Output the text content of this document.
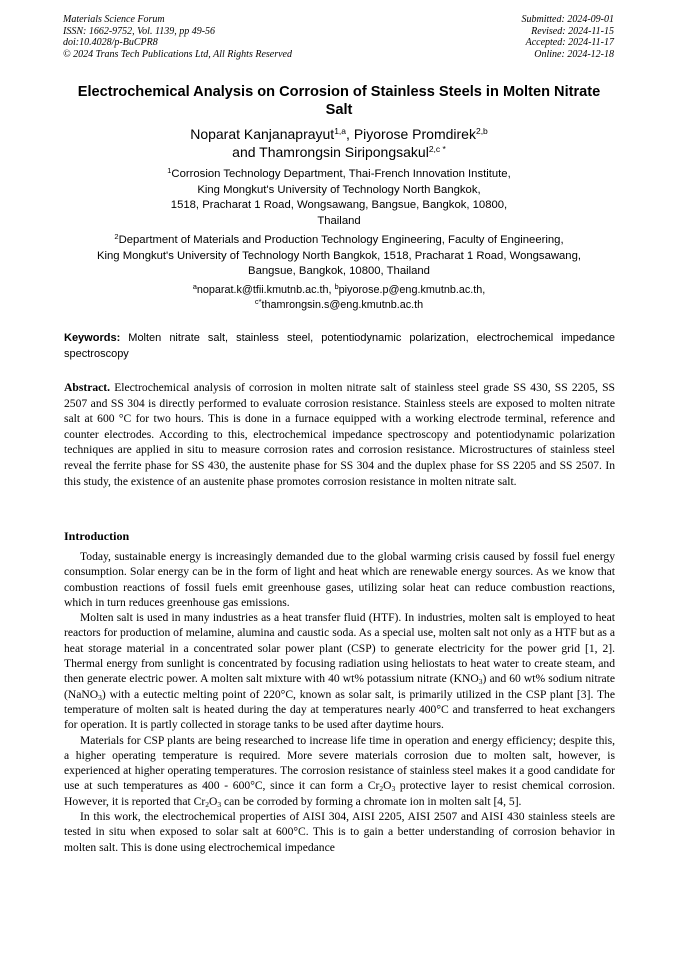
Materials Science Forum
ISSN: 1662-9752, Vol. 1139, pp 49-56
doi:10.4028/p-BuCPR8
© 2024 Trans Tech Publications Ltd, All Rights Reserved
Submitted: 2024-09-01
Revised: 2024-11-15
Accepted: 2024-11-17
Online: 2024-12-18
Electrochemical Analysis on Corrosion of Stainless Steels in Molten Nitrate Salt
Noparat Kanjanaprayut$^{1,a}$, Piyorose Promdirek$^{2,b}$
and Thamrongsin Siripongsakul$^{2,c *}$
$^1$Corrosion Technology Department, Thai-French Innovation Institute,
King Mongkut's University of Technology North Bangkok,
1518, Pracharat 1 Road, Wongsawang, Bangsue, Bangkok, 10800,
Thailand
$^2$Department of Materials and Production Technology Engineering, Faculty of Engineering,
King Mongkut's University of Technology North Bangkok, 1518, Pracharat 1 Road, Wongsawang,
Bangsue, Bangkok, 10800, Thailand
$^a$noparat.k@tfii.kmutnb.ac.th, $^b$piyorose.p@eng.kmutnb.ac.th,
$^{c*}$thamrongsin.s@eng.kmutnb.ac.th
Keywords: Molten nitrate salt, stainless steel, potentiodynamic polarization, electrochemical impedance spectroscopy
Abstract. Electrochemical analysis of corrosion in molten nitrate salt of stainless steel grade SS 430, SS 2205, SS 2507 and SS 304 is directly performed to evaluate corrosion resistance. Stainless steels are exposed to molten nitrate salt at 600 °C for two hours. This is done in a furnace equipped with a working electrode terminal, reference and counter electrodes. According to this, electrochemical impedance spectroscopy and potentiodynamic polarization techniques are applied in situ to measure corrosion rates and corrosion resistance. Microstructures of stainless steel reveal the ferrite phase for SS 430, the austenite phase for SS 304 and the duplex phase for SS 2205 and SS 2507. In this study, the existence of an austenite phase promotes corrosion resistance in molten nitrate salt.
Introduction

Today, sustainable energy is increasingly demanded due to the global warming crisis caused by fossil fuel energy consumption. Solar energy can be in the form of light and heat which are renewable energy sources. As we know that combustion reactions of fossil fuels emit greenhouse gases, utilizing solar heat can reduce combustion reactions, which in turn reduces greenhouse gas emissions.

Molten salt is used in many industries as a heat transfer fluid (HTF). In industries, molten salt is employed to heat reactors for production of melamine, alumina and caustic soda. As a special use, molten salt not only as a HTF but as a heat storage material in a concentrated solar power plant (CSP) to generate electricity for the power grid [1, 2]. Thermal energy from sunlight is concentrated by focusing radiation using heliostats to heat water to create steam, and then generate electric power. A molten salt mixture with 40 wt% potassium nitrate $(KNO_3)$ and 60 wt% sodium nitrate (NaNO$_3$) with a eutectic melting point of 220°C, known as solar salt, is primarily utilized in the CSP plant [3]. The temperature of molten salt is heated during the day at temperatures nearly 400°C and transferred to heat exchangers for operation. It is partly collected in storage tanks to be used after daytime hours.

Materials for CSP plants are being researched to increase life time in operation and energy efficiency; despite this, a higher operating temperature is required. More severe materials corrosion due to molten salt, however, is experienced at higher operating temperatures. The corrosion resistance of stainless steel makes it a good candidate for use at such temperatures as 400 - 600°C, since it can form a $Cr_2O_3$ protective layer to resist chemical corrosion. However, it is reported that $Cr_2O_3$ can be corroded by forming a chromate ion in molten salt [4, 5].

In this work, the electrochemical properties of AISI 304, AISI 2205, AISI 2507 and AISI 430 stainless steels are tested in situ when exposed to solar salt at 600°C. This is to gain a better understanding of corrosion behavior in molten salt. This is done using electrochemical impedance
